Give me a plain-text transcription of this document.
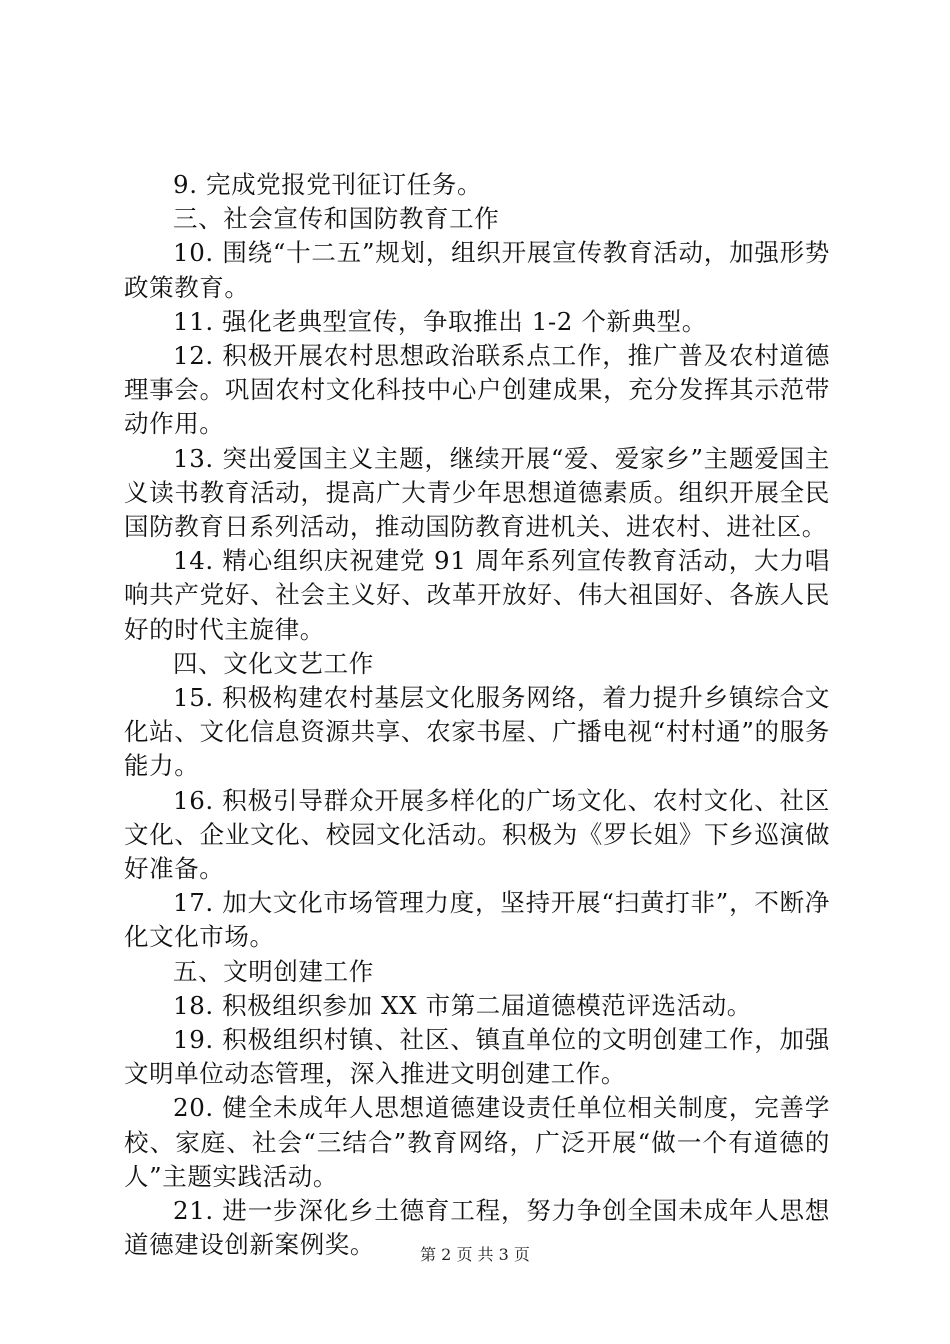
9. 完成党报党刊征订任务。

三、社会宣传和国防教育工作

10. 围绕“十二五”规划，组织开展宣传教育活动，加强形势政策教育。

11. 强化老典型宣传，争取推出 1-2 个新典型。

12. 积极开展农村思想政治联系点工作，推广普及农村道德理事会。巩固农村文化科技中心户创建成果，充分发挥其示范带动作用。

13. 突出爱国主义主题，继续开展“爱、爱家乡”主题爱国主义读书教育活动，提高广大青少年思想道德素质。组织开展全民国防教育日系列活动，推动国防教育进机关、进农村、进社区。

14. 精心组织庆祝建党 91 周年系列宣传教育活动，大力唱响共产党好、社会主义好、改革开放好、伟大祖国好、各族人民好的时代主旋律。

四、文化文艺工作

15. 积极构建农村基层文化服务网络，着力提升乡镇综合文化站、文化信息资源共享、农家书屋、广播电视“村村通”的服务能力。

16. 积极引导群众开展多样化的广场文化、农村文化、社区文化、企业文化、校园文化活动。积极为《罗长姐》下乡巡演做好准备。

17. 加大文化市场管理力度，坚持开展“扫黄打非”，不断净化文化市场。

五、文明创建工作

18. 积极组织参加 XX 市第二届道德模范评选活动。

19. 积极组织村镇、社区、镇直单位的文明创建工作，加强文明单位动态管理，深入推进文明创建工作。

20. 健全未成年人思想道德建设责任单位相关制度，完善学校、家庭、社会“三结合”教育网络，广泛开展“做一个有道德的人”主题实践活动。

21. 进一步深化乡土德育工程，努力争创全国未成年人思想道德建设创新案例奖。	第 2 页 共 3 页
